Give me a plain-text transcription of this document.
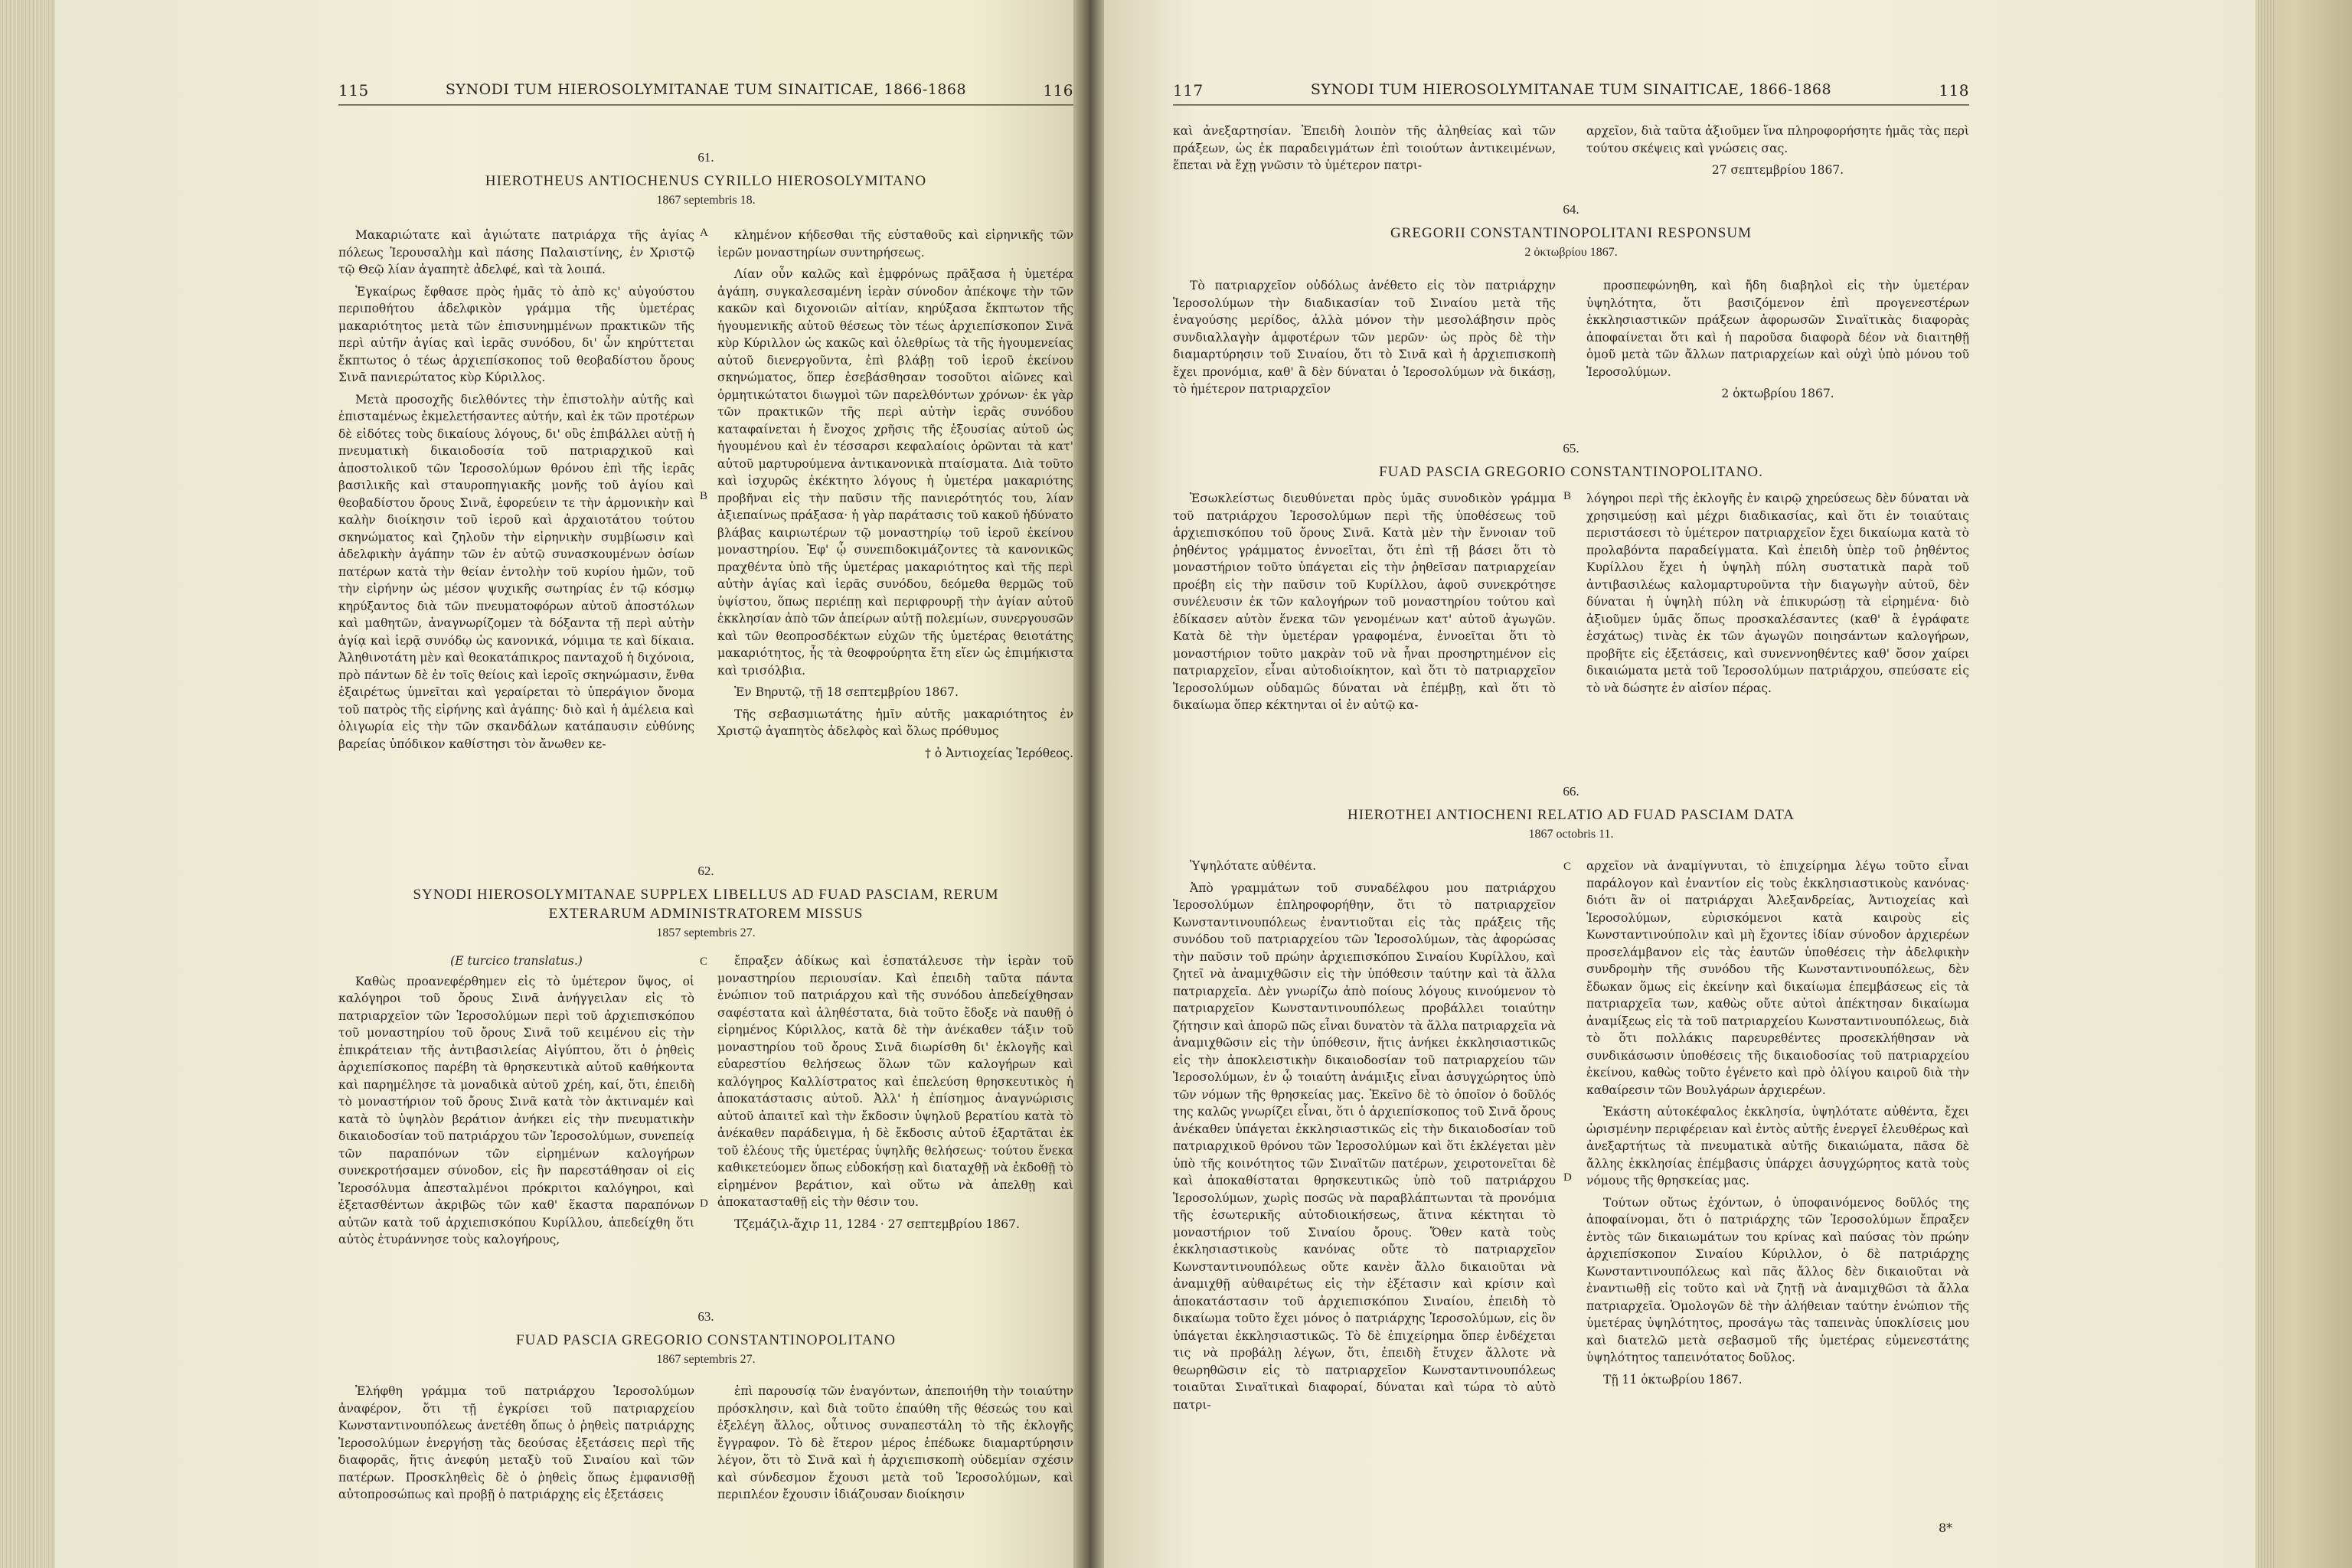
115	SYNODI TUM HIEROSOLYMITANAE TUM SINAITICAE, 1866-1868	116
61.
HIEROTHEUS ANTIOCHENUS CYRILLO HIEROSOLYMITANO
1867 septembris 18.

Μακαριώτατε καὶ ἁγιώτατε πατριάρχα τῆς ἁγίας πόλεως Ἱερουσαλὴμ καὶ πάσης Παλαιστίνης, ἐν Χριστῷ τῷ Θεῷ λίαν ἀγαπητὲ ἀδελφέ, καὶ τὰ λοιπά.

Ἐγκαίρως ἔφθασε πρὸς ἡμᾶς τὸ ἀπὸ κς' αὐγούστου περιποθήτου ἀδελφικὸν γράμμα τῆς ὑμετέρας μακαριότητος μετὰ τῶν ἐπισυνημμένων πρακτικῶν τῆς περὶ αὐτῆν ἁγίας καὶ ἱερᾶς συνόδου, δι' ὧν κηρύττεται ἔκπτωτος ὁ τέως ἀρχιεπίσκοπος τοῦ θεοβαδίστου ὄρους Σινᾶ πανιερώτατος κὺρ Κύριλλος.

Μετὰ προσοχῆς διελθόντες τὴν ἐπιστολὴν αὐτῆς καὶ ἐπισταμένως ἐκμελετήσαντες αὐτήν, καὶ ἐκ τῶν προτέρων δὲ εἰδότες τοὺς δικαίους λόγους, δι' οὓς ἐπιβάλλει αὐτῇ ἡ πνευματικὴ δικαιοδοσία τοῦ πατριαρχικοῦ καὶ ἀποστολικοῦ τῶν Ἱεροσολύμων θρόνου ἐπὶ τῆς ἱερᾶς βασιλικῆς καὶ σταυροπηγιακῆς μονῆς τοῦ ἁγίου καὶ θεοβαδίστου ὄρους Σινᾶ, ἐφορεύειν τε τὴν ἁρμονικὴν καὶ καλὴν διοίκησιν τοῦ ἱεροῦ καὶ ἀρχαιοτάτου τούτου σκηνώματος καὶ ζηλοῦν τὴν εἰρηνικὴν συμβίωσιν καὶ ἀδελφικὴν ἀγάπην τῶν ἐν αὐτῷ συνασκουμένων ὁσίων πατέρων κατὰ τὴν θείαν ἐντολὴν τοῦ κυρίου ἡμῶν, τοῦ τὴν εἰρήνην ὡς μέσον ψυχικῆς σωτηρίας ἐν τῷ κόσμῳ κηρύξαντος διὰ τῶν πνευματοφόρων αὐτοῦ ἀποστόλων καὶ μαθητῶν, ἀναγνωρίζομεν τὰ δόξαντα τῇ περὶ αὐτὴν ἁγίᾳ καὶ ἱερᾷ συνόδῳ ὡς κανονικά, νόμιμα τε καὶ δίκαια. Ἀληθινοτάτη μὲν καὶ θεοκατάπικρος πανταχοῦ ἡ διχόνοια, πρὸ πάντων δὲ ἐν τοῖς θείοις καὶ ἱεροῖς σκηνώμασιν, ἔνθα ἐξαιρέτως ὑμνεῖται καὶ γεραίρεται τὸ ὑπεράγιον ὄνομα τοῦ πατρὸς τῆς εἰρήνης καὶ ἀγάπης· διὸ καὶ ἡ ἀμέλεια καὶ ὀλιγωρία εἰς τὴν τῶν σκανδάλων κατάπαυσιν εὐθύνης βαρείας ὑπόδικον καθίστησι τὸν ἄνωθεν κε-

κλημένον κήδεσθαι τῆς εὐσταθοῦς καὶ εἰρηνικῆς τῶν ἱερῶν μοναστηρίων συντηρήσεως.

Λίαν οὖν καλῶς καὶ ἐμφρόνως πρᾶξασα ἡ ὑμετέρα ἀγάπη, συγκαλεσαμένη ἱερὰν σύνοδον ἀπέκοψε τὴν τῶν κακῶν καὶ διχονοιῶν αἰτίαν, κηρύξασα ἔκπτωτον τῆς ἡγουμενικῆς αὐτοῦ θέσεως τὸν τέως ἀρχιεπίσκοπον Σινᾶ κὺρ Κύριλλον ὡς κακῶς καὶ ὀλεθρίως τὰ τῆς ἡγουμενείας αὐτοῦ διενεργοῦντα, ἐπὶ βλάβῃ τοῦ ἱεροῦ ἐκείνου σκηνώματος, ὅπερ ἐσεβάσθησαν τοσοῦτοι αἰῶνες καὶ ὁρμητικώτατοι διωγμοὶ τῶν παρελθόντων χρόνων· ἐκ γὰρ τῶν πρακτικῶν τῆς περὶ αὐτὴν ἱερᾶς συνόδου καταφαίνεται ἡ ἔνοχος χρῆσις τῆς ἐξουσίας αὐτοῦ ὡς ἡγουμένου καὶ ἐν τέσσαρσι κεφαλαίοις ὁρῶνται τὰ κατ' αὐτοῦ μαρτυρούμενα ἀντικανονικὰ πταίσματα. Διὰ τοῦτο καὶ ἰσχυρῶς ἐκέκτητο λόγους ἡ ὑμετέρα μακαριότης προβῆναι εἰς τὴν παῦσιν τῆς πανιερότητός του, λίαν ἀξιεπαίνως πράξασα· ἡ γὰρ παράτασις τοῦ κακοῦ ἠδύνατο βλάβας καιριωτέρων τῷ μοναστηρίῳ τοῦ ἱεροῦ ἐκείνου μοναστηρίου. Ἐφ' ᾧ συνεπιδοκιμάζοντες τὰ κανονικῶς πραχθέντα ὑπὸ τῆς ὑμετέρας μακαριότητος καὶ τῆς περὶ αὐτὴν ἁγίας καὶ ἱερᾶς συνόδου, δεόμεθα θερμῶς τοῦ ὑψίστου, ὅπως περιέπῃ καὶ περιφρουρῇ τὴν ἁγίαν αὐτοῦ ἐκκλησίαν ἀπὸ τῶν ἀπείρων αὐτῇ πολεμίων, συνεργουσῶν καὶ τῶν θεοπροσδέκτων εὐχῶν τῆς ὑμετέρας θειοτάτης μακαριότητος, ἧς τὰ θεοφρούρητα ἔτη εἴεν ὡς ἐπιμήκιστα καὶ τρισόλβια.

Ἐν Βηρυτῷ, τῇ 18 σεπτεμβρίου 1867.

Τῆς σεβασμιωτάτης ἡμῖν αὐτῆς μακαριότητος ἐν Χριστῷ ἀγαπητὸς ἀδελφὸς καὶ ὅλως πρόθυμος

† ὁ Ἀντιοχείας Ἱερόθεος.
A
B
62.
SYNODI HIEROSOLYMITANAE SUPPLEX LIBELLUS AD FUAD PASCIAM, RERUM EXTERARUM ADMINISTRATOREM MISSUS
1857 septembris 27.
(E turcico translatus.)

Καθὼς προανεφέρθημεν εἰς τὸ ὑμέτερον ὕψος, οἱ καλόγηροι τοῦ ὄρους Σινᾶ ἀνήγγειλαν εἰς τὸ πατριαρχεῖον τῶν Ἱεροσολύμων περὶ τοῦ ἀρχιεπισκόπου τοῦ μοναστηρίου τοῦ ὄρους Σινᾶ τοῦ κειμένου εἰς τὴν ἐπικράτειαν τῆς ἀντιβασιλείας Αἰγύπτου, ὅτι ὁ ῥηθεὶς ἀρχιεπίσκοπος παρέβη τὰ θρησκευτικὰ αὐτοῦ καθήκοντα καὶ παρημέλησε τὰ μοναδικὰ αὐτοῦ χρέη, καί, ὅτι, ἐπειδὴ τὸ μοναστήριον τοῦ ὄρους Σινᾶ κατὰ τὸν ἀκτιναμέν καὶ κατὰ τὸ ὑψηλὸν βεράτιον ἀνήκει εἰς τὴν πνευματικὴν δικαιοδοσίαν τοῦ πατριάρχου τῶν Ἱεροσολύμων, συνεπείᾳ τῶν παραπόνων τῶν εἰρημένων καλογήρων συνεκροτήσαμεν σύνοδον, εἰς ἣν παρεστάθησαν οἱ εἰς Ἱεροσόλυμα ἀπεσταλμένοι πρόκριτοι καλόγηροι, καὶ ἐξετασθέντων ἀκριβῶς τῶν καθ' ἕκαστα παραπόνων αὐτῶν κατὰ τοῦ ἀρχιεπισκόπου Κυρίλλου, ἀπεδείχθη ὅτι αὐτὸς ἐτυράννησε τοὺς καλογήρους,

ἔπραξεν ἀδίκως καὶ ἐσπατάλευσε τὴν ἱερὰν τοῦ μοναστηρίου περιουσίαν. Καὶ ἐπειδὴ ταῦτα πάντα ἐνώπιον τοῦ πατριάρχου καὶ τῆς συνόδου ἀπεδείχθησαν σαφέστατα καὶ ἀληθέστατα, διὰ τοῦτο ἔδοξε νὰ παυθῇ ὁ εἰρημένος Κύριλλος, κατὰ δὲ τὴν ἀνέκαθεν τάξιν τοῦ μοναστηρίου τοῦ ὄρους Σινᾶ διωρίσθη δι' ἐκλογῆς καὶ εὐαρεστίου θελήσεως ὅλων τῶν καλογήρων καὶ καλόγηρος Καλλίστρατος καὶ ἐπελεύση θρησκευτικὸς ἡ ἀποκατάστασις αὐτοῦ. Ἀλλ' ἡ ἐπίσημος ἀναγνώρισις αὐτοῦ ἀπαιτεῖ καὶ τὴν ἔκδοσιν ὑψηλοῦ βερατίου κατὰ τὸ ἀνέκαθεν παράδειγμα, ἡ δὲ ἔκδοσις αὐτοῦ ἐξαρτᾶται ἐκ τοῦ ἐλέους τῆς ὑμετέρας ὑψηλῆς θελήσεως· τούτου ἕνεκα καθικετεύομεν ὅπως εὐδοκήσῃ καὶ διαταχθῇ νὰ ἐκδοθῇ τὸ εἰρημένον βεράτιον, καὶ οὕτω νὰ ἀπελθῃ καὶ ἀποκατασταθῇ εἰς τὴν θέσιν του.

Τζεμάζιλ-ἄχιρ 11, 1284 · 27 σεπτεμβρίου 1867.

C
D
63.
FUAD PASCIA GREGORIO CONSTANTINOPOLITANO
1867 septembris 27.

Ἐλήφθη γράμμα τοῦ πατριάρχου Ἱεροσολύμων ἀναφέρον, ὅτι τῇ ἐγκρίσει τοῦ πατριαρχείου Κωνσταντινουπόλεως ἀνετέθη ὅπως ὁ ῥηθεὶς πατριάρχης Ἱεροσολύμων ἐνεργήσῃ τὰς δεούσας ἐξετάσεις περὶ τῆς διαφορᾶς, ἥτις ἀνεφύη μεταξὺ τοῦ Σιναίου καὶ τῶν πατέρων. Προσκληθεὶς δὲ ὁ ῥηθεὶς ὅπως ἐμφανισθῇ αὐτοπροσώπως καὶ προβῇ ὁ πατριάρχης εἰς ἐξετάσεις

ἐπὶ παρουσίᾳ τῶν ἐναγόντων, ἀπεποιήθη τὴν τοιαύτην πρόσκλησιν, καὶ διὰ τοῦτο ἐπαύθη τῆς θέσεώς του καὶ ἐξελέγη ἄλλος, οὗτινος συναπεστάλη τὸ τῆς ἐκλογῆς ἔγγραφον. Τὸ δὲ ἕτερον μέρος ἐπέδωκε διαμαρτύρησιν λέγον, ὅτι τὸ Σινᾶ καὶ ἡ ἀρχιεπισκοπὴ οὐδεμίαν σχέσιν καὶ σύνδεσμον ἔχουσι μετὰ τοῦ Ἱεροσολύμων, καὶ περιπλέον ἔχουσιν ἰδιάζουσαν διοίκησιν

117	SYNODI TUM HIEROSOLYMITANAE TUM SINAITICAE, 1866-1868	118

καὶ ἀνεξαρτησίαν. Ἐπειδὴ λοιπὸν τῆς ἀληθείας καὶ τῶν πράξεων, ὡς ἐκ παραδειγμάτων ἐπὶ τοιούτων ἀντικειμένων, ἕπεται νὰ ἔχῃ γνῶσιν τὸ ὑμέτερον πατρι-

αρχεῖον, διὰ ταῦτα ἀξιοῦμεν ἵνα πληροφορήσητε ἡμᾶς τὰς περὶ τούτου σκέψεις καὶ γνώσεις σας.

27 σεπτεμβρίου 1867.
64.
GREGORII CONSTANTINOPOLITANI RESPONSUM
2 ὀκτωβρίου 1867.

Τὸ πατριαρχεῖον οὐδόλως ἀνέθετο εἰς τὸν πατριάρχην Ἱεροσολύμων τὴν διαδικασίαν τοῦ Σιναίου μετὰ τῆς ἐναγούσης μερίδος, ἀλλὰ μόνον τὴν μεσολάβησιν πρὸς συνδιαλλαγὴν ἀμφοτέρων τῶν μερῶν· ὡς πρὸς δὲ τὴν διαμαρτύρησιν τοῦ Σιναίου, ὅτι τὸ Σινᾶ καὶ ἡ ἀρχιεπισκοπὴ ἔχει προνόμια, καθ' ἃ δὲν δύναται ὁ Ἱεροσολύμων νὰ δικάσῃ, τὸ ἡμέτερον πατριαρχεῖον

προσπεφώνηθη, καὶ ἤδη διαβηλοὶ εἰς τὴν ὑμετέραν ὑψηλότητα, ὅτι βασιζόμενον ἐπὶ προγενεστέρων ἐκκλησιαστικῶν πράξεων ἀφορωσῶν Σιναϊτικὰς διαφορὰς ἀποφαίνεται ὅτι καὶ ἡ παροῦσα διαφορὰ δέον νὰ διαιτηθῇ ὁμοῦ μετὰ τῶν ἄλλων πατριαρχείων καὶ οὐχὶ ὑπὸ μόνου τοῦ Ἱεροσολύμων.

2 ὀκτωβρίου 1867.
65.
FUAD PASCIA GREGORIO CONSTANTINOPOLITANO.

Ἐσωκλείστως διευθύνεται πρὸς ὑμᾶς συνοδικὸν γράμμα τοῦ πατριάρχου Ἱεροσολύμων περὶ τῆς ὑποθέσεως τοῦ ἀρχιεπισκόπου τοῦ ὄρους Σινᾶ. Κατὰ μὲν τὴν ἔννοιαν τοῦ ῥηθέντος γράμματος ἐννοεῖται, ὅτι ἐπὶ τῇ βάσει ὅτι τὸ μοναστήριον τοῦτο ὑπάγεται εἰς τὴν ῥηθεῖσαν πατριαρχείαν προέβη εἰς τὴν παῦσιν τοῦ Κυρίλλου, ἀφοῦ συνεκρότησε συνέλευσιν ἐκ τῶν καλογήρων τοῦ μοναστηρίου τούτου καὶ ἐδίκασεν αὐτὸν ἕνεκα τῶν γενομένων κατ' αὐτοῦ ἀγωγῶν. Κατὰ δὲ τὴν ὑμετέραν γραφομένα, ἐννοεῖται ὅτι τὸ μοναστήριον τοῦτο μακρὰν τοῦ νὰ ἦναι προσηρτημένον εἰς πατριαρχεῖον, εἶναι αὐτοδιοίκητον, καὶ ὅτι τὸ πατριαρχεῖον Ἱεροσολύμων οὐδαμῶς δύναται νὰ ἐπέμβῃ, καὶ ὅτι τὸ δικαίωμα ὅπερ κέκτηνται οἱ ἐν αὐτῷ κα-

λόγηροι περὶ τῆς ἐκλογῆς ἐν καιρῷ χηρεύσεως δὲν δύναται νὰ χρησιμεύσῃ καὶ μέχρι διαδικασίας, καὶ ὅτι ἐν τοιαύταις περιστάσεσι τὸ ὑμέτερον πατριαρχεῖον ἔχει δικαίωμα κατὰ τὸ προλαβόντα παραδείγματα. Καὶ ἐπειδὴ ὑπὲρ τοῦ ῥηθέντος Κυρίλλου ἔχει ἡ ὑψηλὴ πύλη συστατικὰ παρὰ τοῦ ἀντιβασιλέως καλομαρτυροῦντα τὴν διαγωγὴν αὐτοῦ, δὲν δύναται ἡ ὑψηλὴ πύλη νὰ ἐπικυρώσῃ τὰ εἰρημένα· διὸ ἀξιοῦμεν ὑμᾶς ὅπως προσκαλέσαντες (καθ' ἃ ἐγράφατε ἐσχάτως) τινὰς ἐκ τῶν ἀγωγῶν ποιησάντων καλογήρων, προβῆτε εἰς ἐξετάσεις, καὶ συνεννοηθέντες καθ' ὅσον χαίρει δικαιώματα μετὰ τοῦ Ἱεροσολύμων πατριάρχου, σπεύσατε εἰς τὸ νὰ δώσητε ἐν αἰσίον πέρας.

B
66.
HIEROTHEI ANTIOCHENI RELATIO AD FUAD PASCIAM DATA
1867 octobris 11.

Ὑψηλότατε αὐθέντα.

Ἀπὸ γραμμάτων τοῦ συναδέλφου μου πατριάρχου Ἱεροσολύμων ἐπληροφορήθην, ὅτι τὸ πατριαρχεῖον Κωνσταντινουπόλεως ἐναντιοῦται εἰς τὰς πράξεις τῆς συνόδου τοῦ πατριαρχείου τῶν Ἱεροσολύμων, τὰς ἀφορώσας τὴν παῦσιν τοῦ πρώην ἀρχιεπισκόπου Σιναίου Κυρίλλου, καὶ ζητεῖ νὰ ἀναμιχθῶσιν εἰς τὴν ὑπόθεσιν ταύτην καὶ τὰ ἄλλα πατριαρχεῖα. Δὲν γνωρίζω ἀπὸ ποίους λόγους κινούμενον τὸ πατριαρχεῖον Κωνσταντινουπόλεως προβάλλει τοιαύτην ζήτησιν καὶ ἀπορῶ πῶς εἶναι δυνατὸν τὰ ἄλλα πατριαρχεῖα νὰ ἀναμιχθῶσιν εἰς τὴν ὑπόθεσιν, ἥτις ἀνήκει ἐκκλησιαστικῶς εἰς τὴν ἀποκλειστικὴν δικαιοδοσίαν τοῦ πατριαρχείου τῶν Ἱεροσολύμων, ἐν ᾧ τοιαύτη ἀνάμιξις εἶναι ἀσυγχώρητος ὑπὸ τῶν νόμων τῆς θρησκείας μας. Ἐκεῖνο δὲ τὸ ὁποῖον ὁ δοῦλός της καλῶς γνωρίζει εἶναι, ὅτι ὁ ἀρχιεπίσκοπος τοῦ Σινᾶ ὄρους ἀνέκαθεν ὑπάγεται ἐκκλησιαστικῶς εἰς τὴν δικαιοδοσίαν τοῦ πατριαρχικοῦ θρόνου τῶν Ἱεροσολύμων καὶ ὅτι ἐκλέγεται μὲν ὑπὸ τῆς κοινότητος τῶν Σιναϊτῶν πατέρων, χειροτονεῖται δὲ καὶ ἀποκαθίσταται θρησκευτικῶς ὑπὸ τοῦ πατριάρχου Ἱεροσολύμων, χωρὶς ποσῶς νὰ παραβλάπτωνται τὰ προνόμια τῆς ἐσωτερικῆς αὐτοδιοικήσεως, ἅτινα κέκτηται τὸ μοναστήριον τοῦ Σιναίου ὄρους. Ὅθεν κατὰ τοὺς ἐκκλησιαστικοὺς κανόνας οὔτε τὸ πατριαρχεῖον Κωνσταντινουπόλεως οὔτε κανὲν ἄλλο δικαιοῦται νὰ ἀναμιχθῇ αὐθαιρέτως εἰς τὴν ἐξέτασιν καὶ κρίσιν καὶ ἀποκατάστασιν τοῦ ἀρχιεπισκόπου Σιναίου, ἐπειδὴ τὸ δικαίωμα τοῦτο ἔχει μόνος ὁ πατριάρχης Ἱεροσολύμων, εἰς ὃν ὑπάγεται ἐκκλησιαστικῶς. Τὸ δὲ ἐπιχείρημα ὅπερ ἐνδέχεται τις νὰ προβάλῃ λέγων, ὅτι, ἐπειδὴ ἔτυχεν ἄλλοτε νὰ θεωρηθῶσιν εἰς τὸ πατριαρχεῖον Κωνσταντινουπόλεως τοιαῦται Σιναϊτικαὶ διαφοραί, δύναται καὶ τώρα τὸ αὐτὸ πατρι-

αρχεῖον νὰ ἀναμίγνυται, τὸ ἐπιχείρημα λέγω τοῦτο εἶναι παράλογον καὶ ἐναντίον εἰς τοὺς ἐκκλησιαστικοὺς κανόνας· διότι ἂν οἱ πατριάρχαι Ἀλεξανδρείας, Ἀντιοχείας καὶ Ἱεροσολύμων, εὑρισκόμενοι κατὰ καιροὺς εἰς Κωνσταντινούπολιν καὶ μὴ ἔχοντες ἰδίαν σύνοδον ἀρχιερέων προσελάμβανον εἰς τὰς ἑαυτῶν ὑποθέσεις τὴν ἀδελφικὴν συνδρομὴν τῆς συνόδου τῆς Κωνσταντινουπόλεως, δὲν ἔδωκαν ὅμως εἰς ἐκείνην καὶ δικαίωμα ἐπεμβάσεως εἰς τὰ πατριαρχεῖα των, καθὼς οὔτε αὐτοὶ ἀπέκτησαν δικαίωμα ἀναμίξεως εἰς τὰ τοῦ πατριαρχείου Κωνσταντινουπόλεως, διὰ τὸ ὅτι πολλάκις παρευρεθέντες προσεκλήθησαν νὰ συνδικάσωσιν ὑποθέσεις τῆς δικαιοδοσίας τοῦ πατριαρχείου ἐκείνου, καθὼς τοῦτο ἐγένετο καὶ πρὸ ὀλίγου καιροῦ διὰ τὴν καθαίρεσιν τῶν Βουλγάρων ἀρχιερέων.

Ἑκάστη αὐτοκέφαλος ἐκκλησία, ὑψηλότατε αὐθέντα, ἔχει ὡρισμένην περιφέρειαν καὶ ἐντὸς αὐτῆς ἐνεργεῖ ἐλευθέρως καὶ ἀνεξαρτήτως τὰ πνευματικὰ αὐτῆς δικαιώματα, πᾶσα δὲ ἄλλης ἐκκλησίας ἐπέμβασις ὑπάρχει ἀσυγχώρητος κατὰ τοὺς νόμους τῆς θρησκείας μας.

Τούτων οὕτως ἐχόντων, ὁ ὑποφαινόμενος δοῦλός της ἀποφαίνομαι, ὅτι ὁ πατριάρχης τῶν Ἱεροσολύμων ἔπραξεν ἐντὸς τῶν δικαιωμάτων του κρίνας καὶ παύσας τὸν πρώην ἀρχιεπίσκοπον Σιναίου Κύριλλον, ὁ δὲ πατριάρχης Κωνσταντινουπόλεως καὶ πᾶς ἄλλος δὲν δικαιοῦται νὰ ἐναντιωθῇ εἰς τοῦτο καὶ νὰ ζητῇ νὰ ἀναμιχθῶσι τὰ ἄλλα πατριαρχεῖα. Ὁμολογῶν δὲ τὴν ἀλήθειαν ταύτην ἐνώπιον τῆς ὑμετέρας ὑψηλότητος, προσάγω τὰς ταπεινὰς ὑποκλίσεις μου καὶ διατελῶ μετὰ σεβασμοῦ τῆς ὑμετέρας εὐμενεστάτης ὑψηλότητος ταπεινότατος δοῦλος.

Τῇ 11 ὀκτωβρίου 1867.

C
D
8*
